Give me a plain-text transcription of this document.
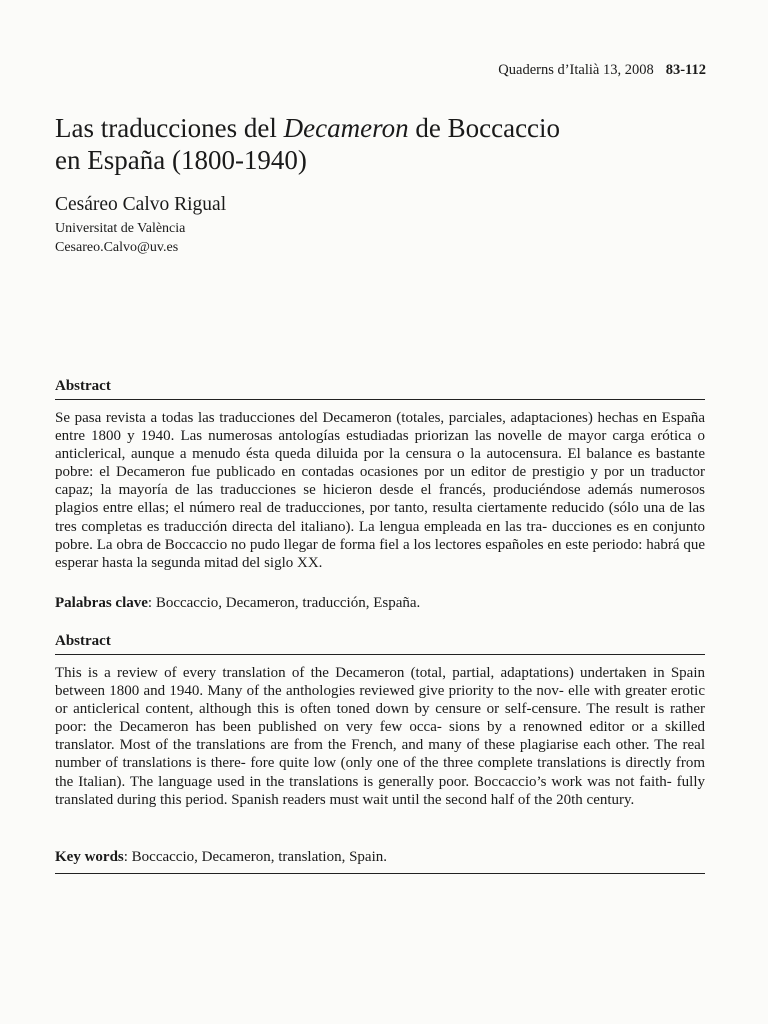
Quaderns d’Italià 13, 2008 83-112
Las traducciones del Decameron de Boccaccio
en España (1800-1940)
Cesáreo Calvo Rigual
Universitat de València
Cesareo.Calvo@uv.es
Abstract
Se pasa revista a todas las traducciones del Decameron (totales, parciales, adaptaciones) hechas en España entre 1800 y 1940. Las numerosas antologías estudiadas priorizan las novelle de mayor carga erótica o anticlerical, aunque a menudo ésta queda diluida por la censura o la autocensura. El balance es bastante pobre: el Decameron fue publicado en contadas ocasiones por un editor de prestigio y por un traductor capaz; la mayoría de las traducciones se hicieron desde el francés, produciéndose además numerosos plagios entre ellas; el número real de traducciones, por tanto, resulta ciertamente reducido (sólo una de las tres completas es traducción directa del italiano). La lengua empleada en las tra- ducciones es en conjunto pobre. La obra de Boccaccio no pudo llegar de forma fiel a los lectores españoles en este periodo: habrá que esperar hasta la segunda mitad del siglo XX.
Palabras clave: Boccaccio, Decameron, traducción, España.
Abstract
This is a review of every translation of the Decameron (total, partial, adaptations) undertaken in Spain between 1800 and 1940. Many of the anthologies reviewed give priority to the nov- elle with greater erotic or anticlerical content, although this is often toned down by censure or self-censure. The result is rather poor: the Decameron has been published on very few occa- sions by a renowned editor or a skilled translator. Most of the translations are from the French, and many of these plagiarise each other. The real number of translations is there- fore quite low (only one of the three complete translations is directly from the Italian). The language used in the translations is generally poor. Boccaccio’s work was not faith- fully translated during this period. Spanish readers must wait until the second half of the 20th century.
Key words: Boccaccio, Decameron, translation, Spain.
